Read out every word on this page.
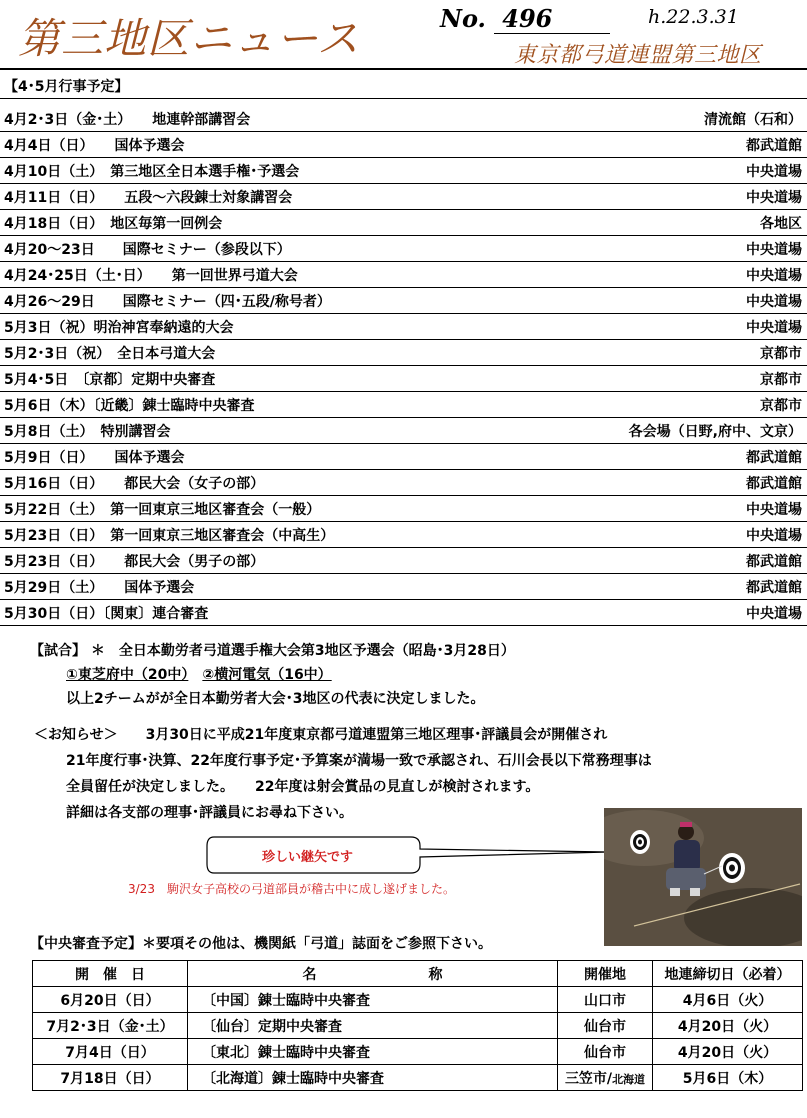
第三地区ニュース	No. 496	h.22.3.31
東京都弓道連盟第三地区
【4･5月行事予定】
4月2･3日（金･土）　　地連幹部講習会	清流館（石和）
4月4日（日）　　国体予選会	都武道館
4月10日（土）　第三地区全日本選手権･予選会	中央道場
4月11日（日）　　五段～六段錬士対象講習会	中央道場
4月18日（日）　地区毎第一回例会	各地区
4月20～23日　　国際セミナー（参段以下）	中央道場
4月24･25日（土･日）　　第一回世界弓道大会	中央道場
4月26～29日　　国際セミナー（四･五段/称号者）	中央道場
5月3日（祝）明治神宮奉納遠的大会	中央道場
5月2･3日（祝）　全日本弓道大会	京都市
5月4･5日　〔京都〕定期中央審査	京都市
5月6日（木）〔近畿〕錬士臨時中央審査	京都市
5月8日（土）　特別講習会	各会場（日野,府中、文京）
5月9日（日）　　国体予選会	都武道館
5月16日（日）　　都民大会（女子の部）	都武道館
5月22日（土）　第一回東京三地区審査会（一般）	中央道場
5月23日（日）　第一回東京三地区審査会（中高生）	中央道場
5月23日（日）　　都民大会（男子の部）	都武道館
5月29日（土）　　国体予選会	都武道館
5月30日（日）〔関東〕連合審査	中央道場
【試合】 ＊　全日本勤労者弓道選手権大会第3地区予選会（昭島･3月28日）
①東芝府中（20中）　 ②横河電気（16中）
以上2チームがが全日本勤労者大会･3地区の代表に決定しました。
＜お知らせ＞　　3月30日に平成21年度東京都弓道連盟第三地区理事･評議員会が開催され
21年度行事･決算、22年度行事予定･予算案が満場一致で承認され、石川会長以下常務理事は
全員留任が決定しました。　　22年度は射会賞品の見直しが検討されます。
詳細は各支部の理事･評議員にお尋ね下さい。
珍しい継矢です
3/23　駒沢女子高校の弓道部員が稽古中に成し遂げました。
【中央審査予定】＊要項その他は、機関紙「弓道」誌面をご参照下さい。
開　催　日	名　　　　　　　　称	開催地	地連締切日（必着）
6月20日（日）	〔中国〕錬士臨時中央審査	山口市	4月6日（火）
7月2･3日（金･土）	〔仙台〕定期中央審査	仙台市	4月20日（火）
7月4日（日）	〔東北〕錬士臨時中央審査	仙台市	4月20日（火）
7月18日（日）	〔北海道〕錬士臨時中央審査	三笠市/北海道	5月6日（木）
